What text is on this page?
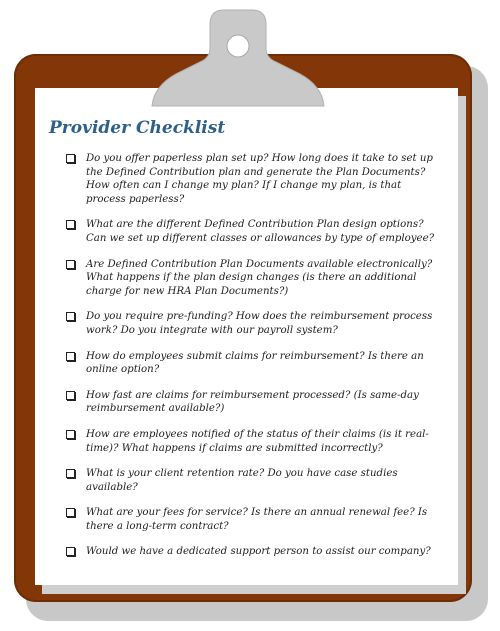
Provider Checklist
Do you offer paperless plan set up? How long does it take to set up the Defined Contribution plan and generate the Plan Documents? How often can I change my plan? If I change my plan, is that process paperless?
What are the different Defined Contribution Plan design options? Can we set up different classes or allowances by type of employee?
Are Defined Contribution Plan Documents available electronically? What happens if the plan design changes (is there an additional charge for new HRA Plan Documents?)
Do you require pre-funding? How does the reimbursement process work? Do you integrate with our payroll system?
How do employees submit claims for reimbursement? Is there an online option?
How fast are claims for reimbursement processed? (Is same-day reimbursement available?)
How are employees notified of the status of their claims (is it real-time)? What happens if claims are submitted incorrectly?
What is your client retention rate? Do you have case studies available?
What are your fees for service? Is there an annual renewal fee? Is there a long-term contract?
Would we have a dedicated support person to assist our company?
